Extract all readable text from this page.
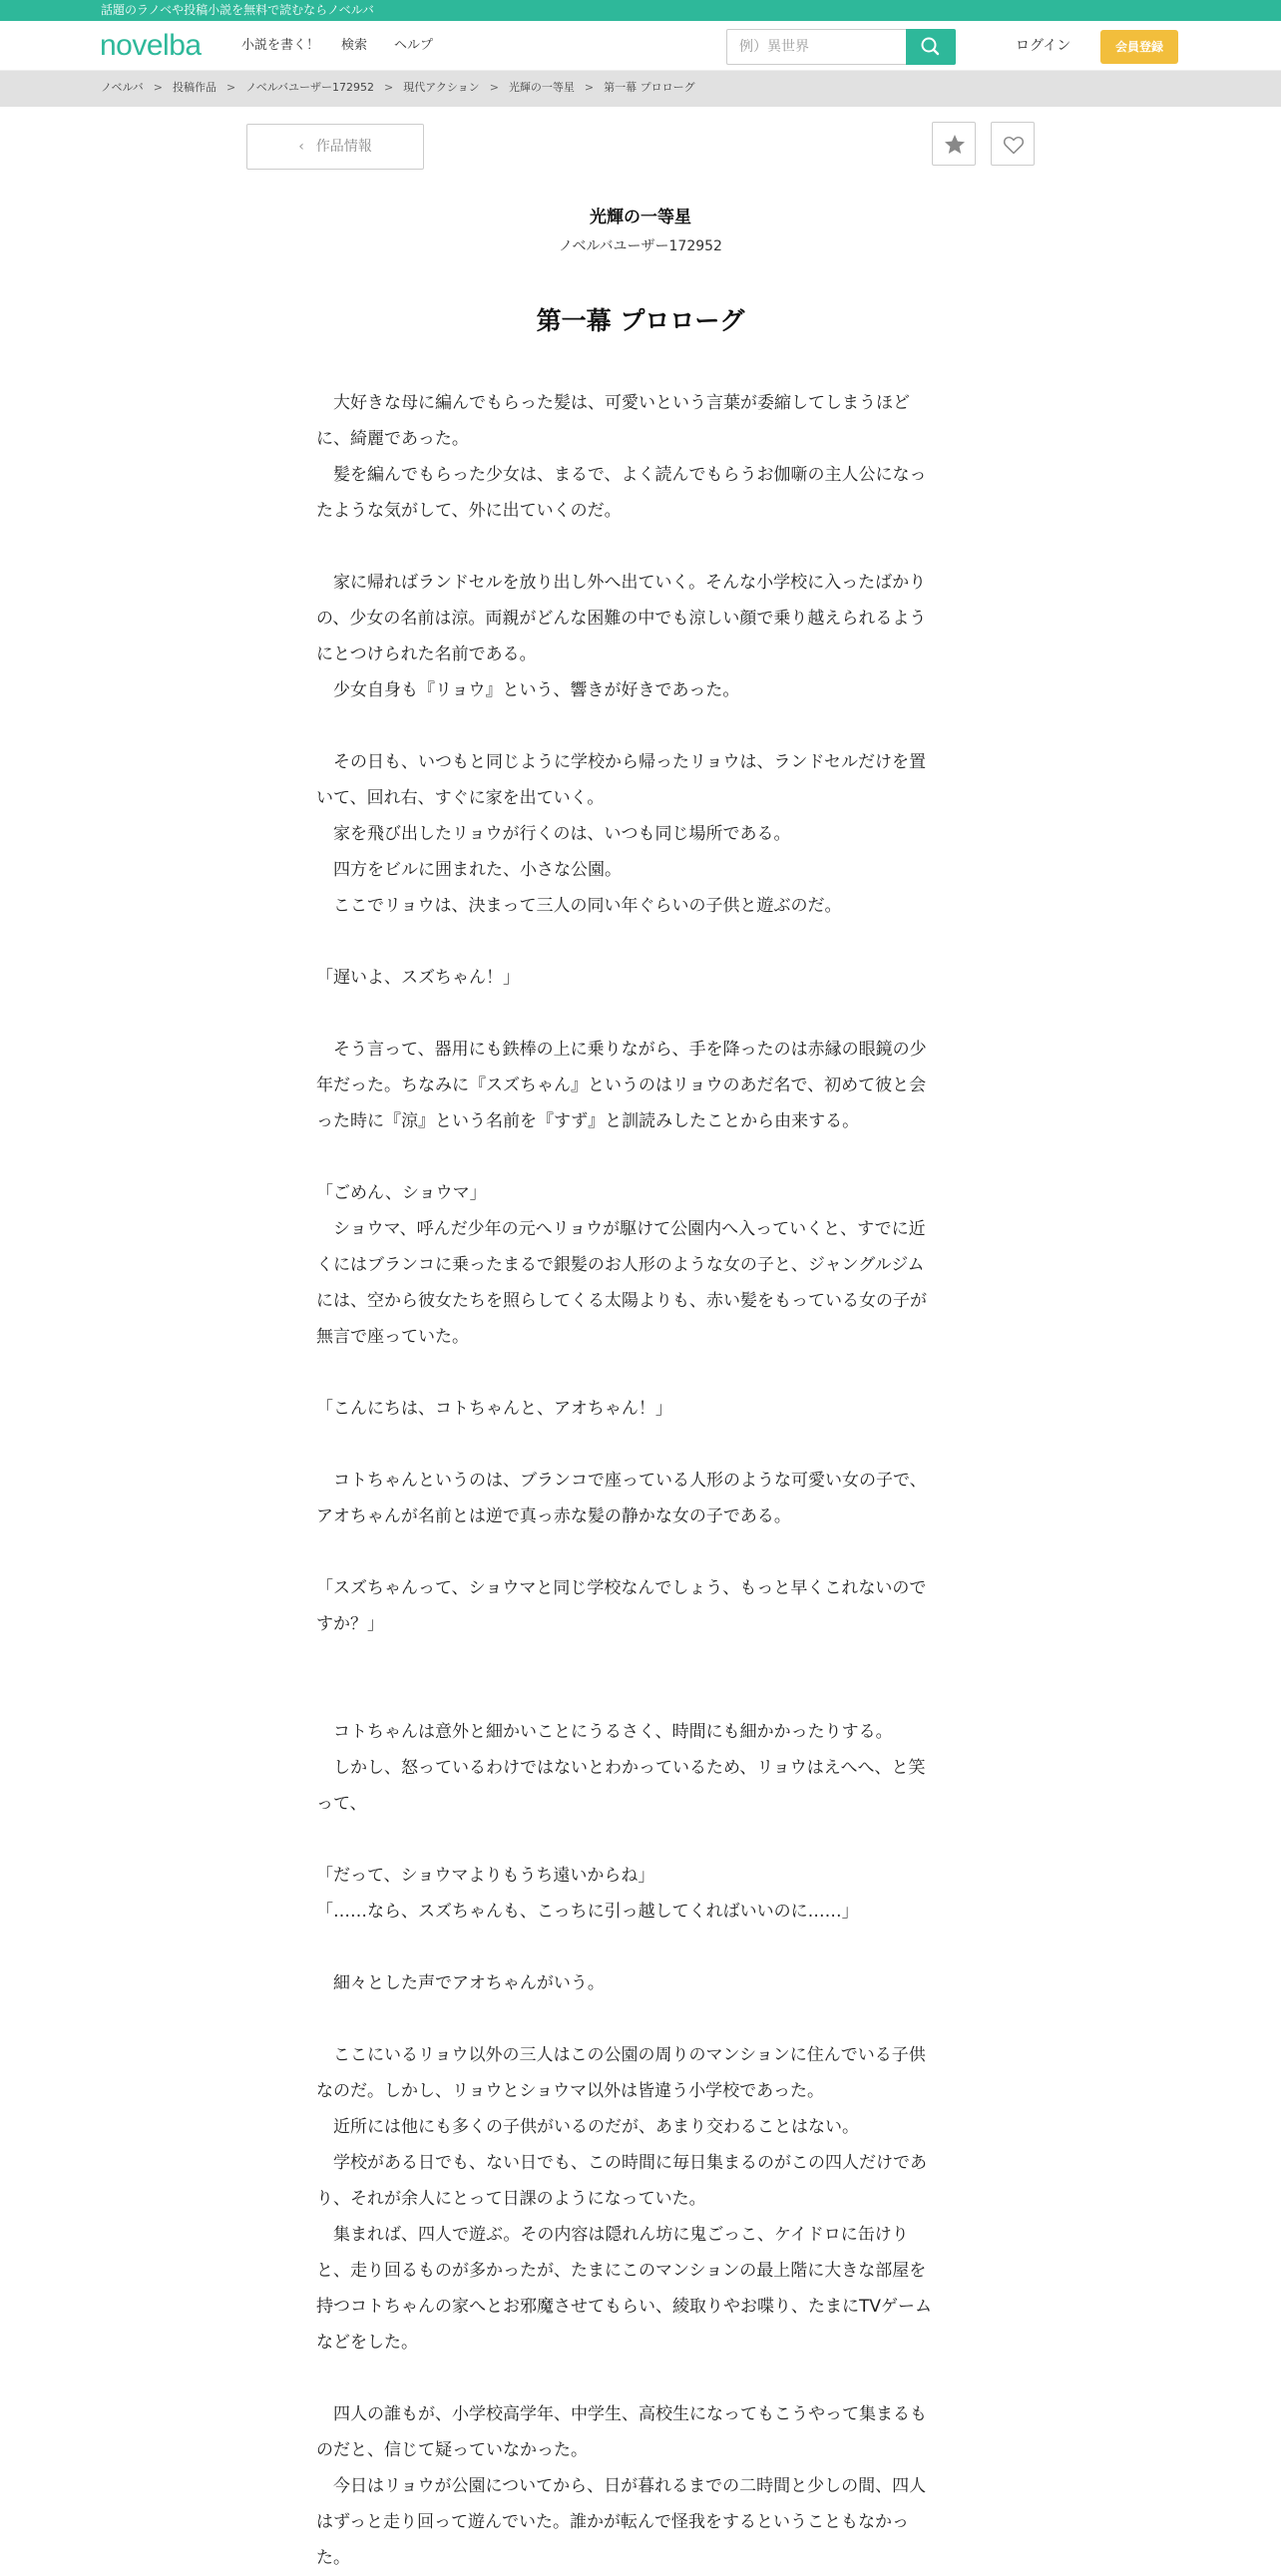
話題のラノベや投稿小説を無料で読むならノベルバ
novelba	小説を書く！ 検索 ヘルプ
例）異世界	ログイン	会員登録
ノベルバ > 投稿作品 > ノベルバユーザー172952 > 現代アクション > 光輝の一等星 > 第一幕 プロローグ
‹ 作品情報
光輝の一等星
ノベルバユーザー172952
第一幕 プロローグ

　大好きな母に編んでもらった髪は、可愛いという言葉が委縮してしまうほど

に、綺麗であった。

　髪を編んでもらった少女は、まるで、よく読んでもらうお伽噺の主人公になっ

たような気がして、外に出ていくのだ。

　家に帰ればランドセルを放り出し外へ出ていく。そんな小学校に入ったばかり

の、少女の名前は涼。両親がどんな困難の中でも涼しい顔で乗り越えられるよう

にとつけられた名前である。

　少女自身も『リョウ』という、響きが好きであった。

　その日も、いつもと同じように学校から帰ったリョウは、ランドセルだけを置

いて、回れ右、すぐに家を出ていく。

　家を飛び出したリョウが行くのは、いつも同じ場所である。

　四方をビルに囲まれた、小さな公園。

　ここでリョウは、決まって三人の同い年ぐらいの子供と遊ぶのだ。

「遅いよ、スズちゃん！」

　そう言って、器用にも鉄棒の上に乗りながら、手を降ったのは赤縁の眼鏡の少

年だった。ちなみに『スズちゃん』というのはリョウのあだ名で、初めて彼と会

った時に『涼』という名前を『すず』と訓読みしたことから由来する。

「ごめん、ショウマ」

　ショウマ、呼んだ少年の元へリョウが駆けて公園内へ入っていくと、すでに近

くにはブランコに乗ったまるで銀髪のお人形のような女の子と、ジャングルジム

には、空から彼女たちを照らしてくる太陽よりも、赤い髪をもっている女の子が

無言で座っていた。

「こんにちは、コトちゃんと、アオちゃん！」

　コトちゃんというのは、ブランコで座っている人形のような可愛い女の子で、

アオちゃんが名前とは逆で真っ赤な髪の静かな女の子である。

「スズちゃんって、ショウマと同じ学校なんでしょう、もっと早くこれないので

すか？」

　コトちゃんは意外と細かいことにうるさく、時間にも細かかったりする。

　しかし、怒っているわけではないとわかっているため、リョウはえへへ、と笑

って、

「だって、ショウマよりもうち遠いからね」

「……なら、スズちゃんも、こっちに引っ越してくればいいのに……」

　細々とした声でアオちゃんがいう。

　ここにいるリョウ以外の三人はこの公園の周りのマンションに住んでいる子供

なのだ。しかし、リョウとショウマ以外は皆違う小学校であった。

　近所には他にも多くの子供がいるのだが、あまり交わることはない。

　学校がある日でも、ない日でも、この時間に毎日集まるのがこの四人だけであ

り、それが余人にとって日課のようになっていた。

　集まれば、四人で遊ぶ。その内容は隠れん坊に鬼ごっこ、ケイドロに缶けり

と、走り回るものが多かったが、たまにこのマンションの最上階に大きな部屋を

持つコトちゃんの家へとお邪魔させてもらい、綾取りやお喋り、たまにTVゲーム

などをした。

　四人の誰もが、小学校高学年、中学生、高校生になってもこうやって集まるも

のだと、信じて疑っていなかった。

　今日はリョウが公園についてから、日が暮れるまでの二時間と少しの間、四人

はずっと走り回って遊んでいた。誰かが転んで怪我をするということもなかっ

た。
